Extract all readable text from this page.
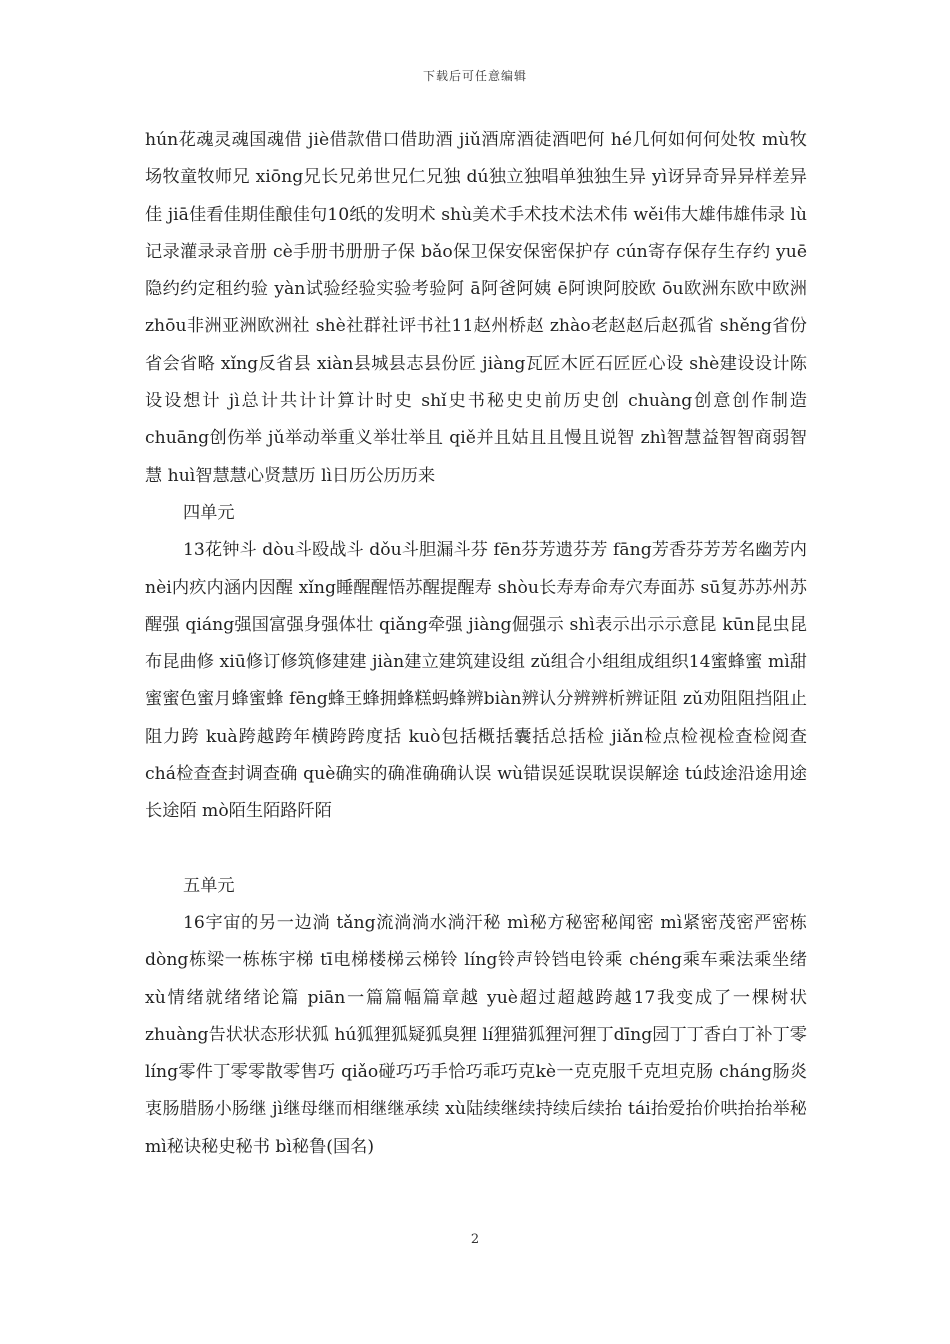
下载后可任意编辑

hún花魂灵魂国魂借 jiè借款借口借助酒 jiǔ酒席酒徒酒吧何 hé几何如何何处牧 mù牧场牧童牧师兄 xiōng兄长兄弟世兄仁兄独 dú独立独唱单独独生异 yì讶异奇异异样差异佳 jiā佳看佳期佳酿佳句10纸的发明术 shù美术手术技术法术伟 wěi伟大雄伟雄伟录 lù记录灌录录音册 cè手册书册册子保 bǎo保卫保安保密保护存 cún寄存保存生存约 yuē隐约约定租约验 yàn试验经验实验考验阿 ā阿爸阿姨 ē阿谀阿胶欧 ōu欧洲东欧中欧洲 zhōu非洲亚洲欧洲社 shè社群社评书社11赵州桥赵 zhào老赵赵后赵孤省 shěng省份省会省略 xǐng反省县 xiàn县城县志县份匠 jiàng瓦匠木匠石匠匠心设 shè建设设计陈设设想计 jì总计共计计算计时史 shǐ史书秘史史前历史创 chuàng创意创作制造 chuāng创伤举 jǔ举动举重义举壮举且 qiě并且姑且且慢且说智 zhì智慧益智智商弱智慧 huì智慧慧心贤慧历 lì日历公历历来

四单元

13花钟斗 dòu斗殴战斗 dǒu斗胆漏斗芬 fēn芬芳遗芬芳 fāng芳香芬芳芳名幽芳内 nèi内疚内涵内因醒 xǐng睡醒醒悟苏醒提醒寿 shòu长寿寿命寿穴寿面苏 sū复苏苏州苏醒强 qiáng强国富强身强体壮 qiǎng牵强 jiàng倔强示 shì表示出示示意昆 kūn昆虫昆布昆曲修 xiū修订修筑修建建 jiàn建立建筑建设组 zǔ组合小组组成组织14蜜蜂蜜 mì甜蜜蜜色蜜月蜂蜜蜂 fēng蜂王蜂拥蜂糕蚂蜂辨biàn辨认分辨辨析辨证阻 zǔ劝阻阻挡阻止阻力跨 kuà跨越跨年横跨跨度括 kuò包括概括囊括总括检 jiǎn检点检视检查检阅查 chá检查查封调查确 què确实的确准确确认误 wù错误延误耽误误解途 tú歧途沿途用途长途陌 mò陌生陌路阡陌

五单元

16宇宙的另一边淌 tǎng流淌淌水淌汗秘 mì秘方秘密秘闻密 mì紧密茂密严密栋 dòng栋梁一栋栋宇梯 tī电梯楼梯云梯铃 líng铃声铃铛电铃乘 chéng乘车乘法乘坐绪 xù情绪就绪绪论篇 piān一篇篇幅篇章越 yuè超过超越跨越17我变成了一棵树状 zhuàng告状状态形状狐 hú狐狸狐疑狐臭狸 lí狸猫狐狸河狸丁dīng园丁丁香白丁补丁零 líng零件丁零零散零售巧 qiǎo碰巧巧手恰巧乖巧克kè一克克服千克坦克肠 cháng肠炎衷肠腊肠小肠继 jì继母继而相继继承续 xù陆续继续持续后续抬 tái抬爱抬价哄抬抬举秘 mì秘诀秘史秘书 bì秘鲁(国名)

2
